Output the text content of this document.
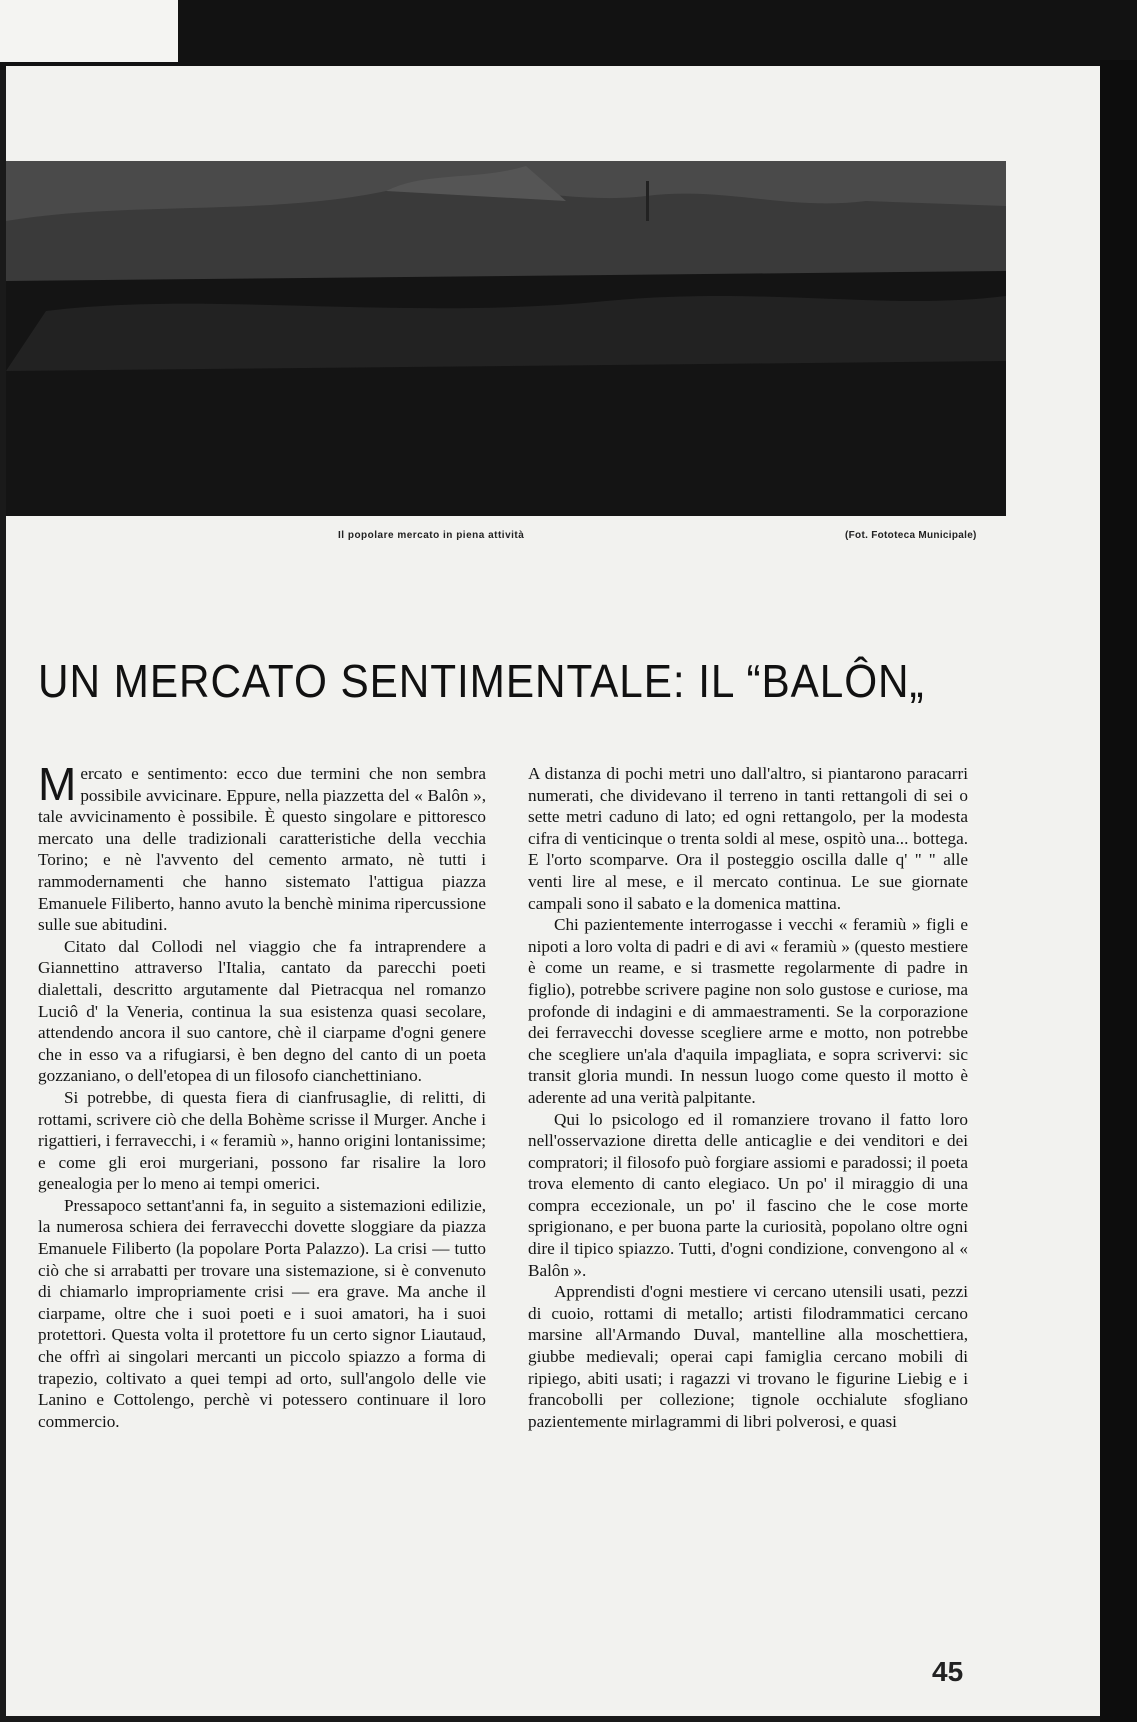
Il popolare mercato in piena attività	(Fot. Fototeca Municipale)
UN MERCATO SENTIMENTALE: IL “BALÔN„

Mercato e sentimento: ecco due termini che non sembra possibile avvicinare. Eppure, nella piazzetta del « Balôn », tale avvicinamento è possibile. È questo singolare e pittoresco mercato una delle tradizionali caratteristiche della vecchia Torino; e nè l'avvento del cemento armato, nè tutti i rammodernamenti che hanno sistemato l'attigua piazza Emanuele Filiberto, hanno avuto la benchè minima ripercussione sulle sue abitudini.

Citato dal Collodi nel viaggio che fa intraprendere a Giannettino attraverso l'Italia, cantato da parecchi poeti dialettali, descritto argutamente dal Pietracqua nel romanzo Luciô d' la Veneria, continua la sua esistenza quasi secolare, attendendo ancora il suo cantore, chè il ciarpame d'ogni genere che in esso va a rifugiarsi, è ben degno del canto di un poeta gozzaniano, o dell'etopea di un filosofo cianchettiniano.

Si potrebbe, di questa fiera di cianfrusaglie, di relitti, di rottami, scrivere ciò che della Bohème scrisse il Murger. Anche i rigattieri, i ferravecchi, i « feramiù », hanno origini lontanissime; e come gli eroi murgeriani, possono far risalire la loro genealogia per lo meno ai tempi omerici.

Pressapoco settant'anni fa, in seguito a sistemazioni edilizie, la numerosa schiera dei ferravecchi dovette sloggiare da piazza Emanuele Filiberto (la popolare Porta Palazzo). La crisi — tutto ciò che si arrabatti per trovare una sistemazione, si è convenuto di chiamarlo impropriamente crisi — era grave. Ma anche il ciarpame, oltre che i suoi poeti e i suoi amatori, ha i suoi protettori. Questa volta il protettore fu un certo signor Liautaud, che offrì ai singolari mercanti un piccolo spiazzo a forma di trapezio, coltivato a quei tempi ad orto, sull'angolo delle vie Lanino e Cottolengo, perchè vi potessero continuare il loro commercio.

A distanza di pochi metri uno dall'altro, si piantarono paracarri numerati, che dividevano il terreno in tanti rettangoli di sei o sette metri caduno di lato; ed ogni rettangolo, per la modesta cifra di venticinque o trenta soldi al mese, ospitò una... bottega. E l'orto scomparve. Ora il posteggio oscilla dalle q' '' '' alle venti lire al mese, e il mercato continua. Le sue giornate campali sono il sabato e la domenica mattina.

Chi pazientemente interrogasse i vecchi « feramiù » figli e nipoti a loro volta di padri e di avi « feramiù » (questo mestiere è come un reame, e si trasmette regolarmente di padre in figlio), potrebbe scrivere pagine non solo gustose e curiose, ma profonde di indagini e di ammaestramenti. Se la corporazione dei ferravecchi dovesse scegliere arme e motto, non potrebbe che scegliere un'ala d'aquila impagliata, e sopra scrivervi: sic transit gloria mundi. In nessun luogo come questo il motto è aderente ad una verità palpitante.

Qui lo psicologo ed il romanziere trovano il fatto loro nell'osservazione diretta delle anticaglie e dei venditori e dei compratori; il filosofo può forgiare assiomi e paradossi; il poeta trova elemento di canto elegiaco. Un po' il miraggio di una compra eccezionale, un po' il fascino che le cose morte sprigionano, e per buona parte la curiosità, popolano oltre ogni dire il tipico spiazzo. Tutti, d'ogni condizione, convengono al « Balôn ».

Apprendisti d'ogni mestiere vi cercano utensili usati, pezzi di cuoio, rottami di metallo; artisti filodrammatici cercano marsine all'Armando Duval, mantelline alla moschettiera, giubbe medievali; operai capi famiglia cercano mobili di ripiego, abiti usati; i ragazzi vi trovano le figurine Liebig e i francobolli per collezione; tignole occhialute sfogliano pazientemente mirlagrammi di libri polverosi, e quasi

45
